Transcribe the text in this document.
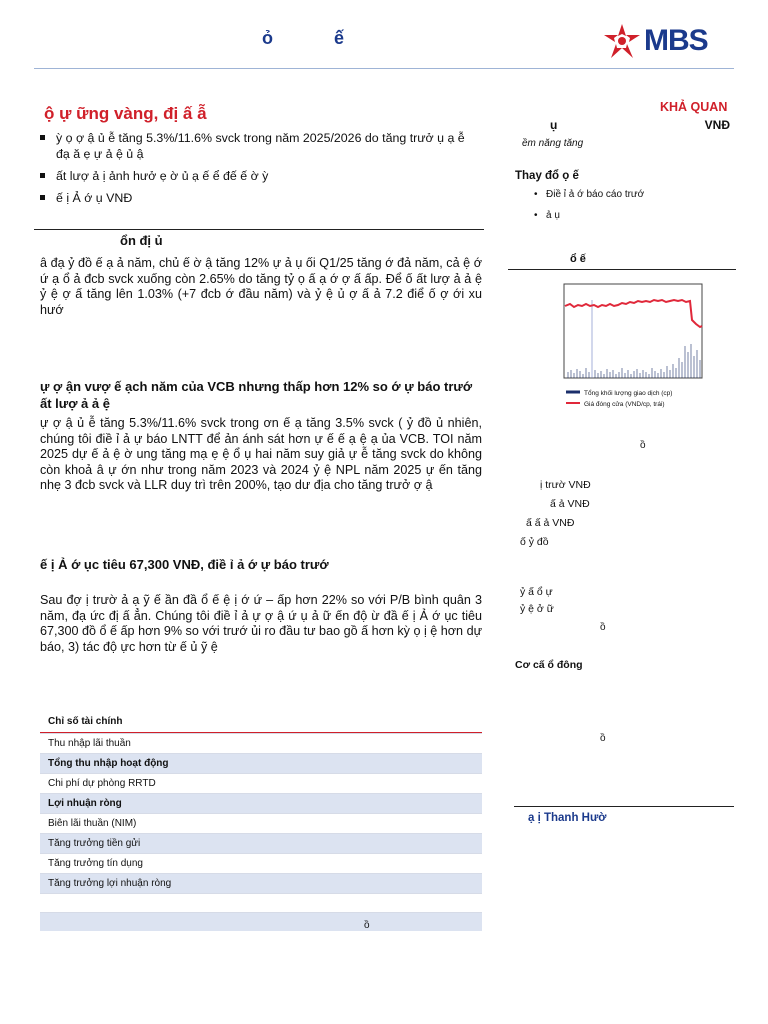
ỏ ế	MBS
ộ ự ững vàng, đị ấ ẫ
ỳ ọ ợ ậ ủ ễ tăng 5.3%/11.6% svck trong năm 2025/2026 do tăng trưở ụ ạ ễ đạ ă ẹ ự ả ệ ủ ậ
ất lượ ả ị ảnh hưở ẹ ờ ủ ạ ế ể đế ế ờ ỳ
ế ị Ả ớ ụ VNĐ
ổn đị ủ
â đạ ỷ đồ ế ạ ả năm, chủ ế ờ ậ tăng 12% ự ả ụ ối Q1/25 tăng ớ đả năm, cả ệ ớ ứ ạ ổ ả đcb svck xuống còn 2.65% do tăng tỷ ọ ấ ạ ớ ợ ấ ấp. Để ố ất lượ ả ả ệ ỷ ệ ợ ấ tăng lên 1.03% (+7 đcb ớ đầu năm) và ỷ ệ ủ ợ ấ ả 7.2 điể ố ợ ới xu hướ
ự ợ ận vượ ế ạch năm của VCB nhưng thấp hơn 12% so ớ ự báo trướ ất lượ ả ả ệ
ự ợ ậ ủ ễ tăng 5.3%/11.6% svck trong ơn ế ạ tăng 3.5% svck ( ỷ đồ ủ nhiên, chúng tôi điề ỉ ả ự báo LNTT để ản ánh sát hơn ự ế ế ạ ệ ạ ủa VCB. TOI năm 2025 dự ế ả ệ ờ ung tăng mạ ẹ ệ ổ ụ hai năm suy giả ự ễ tăng svck do không còn khoả â ự ớn như trong năm 2023 và 2024 ỷ ệ NPL năm 2025 ự ến tăng nhẹ 3 đcb svck và LLR duy trì trên 200%, tạo dư địa cho tăng trưở ợ ậ
ế ị Ả ớ ục tiêu 67,300 VNĐ, điề ỉ ả ớ ự báo trướ
Sau đợ ị trườ ả ạ ỹ ế ần đầ ổ ế ệ ị ớ ứ – ấp hơn 22% so với P/B bình quân 3 năm, đạ ức đị ấ ẳn. Chúng tôi điề ỉ ả ự ợ ậ ứ ụ ả ữ ến độ ừ đầ ế ị Ả ớ ục tiêu 67,300 đồ ổ ế ấp hơn 9% so với trướ ủi ro đầu tư bao gồ ấ hơn kỳ ọ ị ệ hơn dự báo, 3) tác độ ực hơn từ ế ủ ỹ ệ
Chỉ số tài chính
Thu nhập lãi thuần
Tổng thu nhập hoạt động
Chi phí dự phòng RRTD
Lợi nhuận ròng
Biên lãi thuần (NIM)
Tăng trưởng tiền gửi
Tăng trưởng tín dụng
Tăng trưởng lợi nhuận ròng
ồ
KHẢ QUAN
ụ	VNĐ
ềm năng tăng
Thay đổ ọ ế
• Điề ỉ ả ớ báo cáo trướ
• ả ụ
ổ ế
Tổng khối lượng giao dịch (cp)
Giá đóng cửa (VND/cp, trái)
ồ
ị trườ VNĐ
ấ ả VNĐ
ấ ấ ả VNĐ
ố ỷ đồ
ỷ ấ ổ ự
ỷ ệ ở ữ
ồ
Cơ cấ ổ đông
ồ
ạ ị Thanh Hườ
